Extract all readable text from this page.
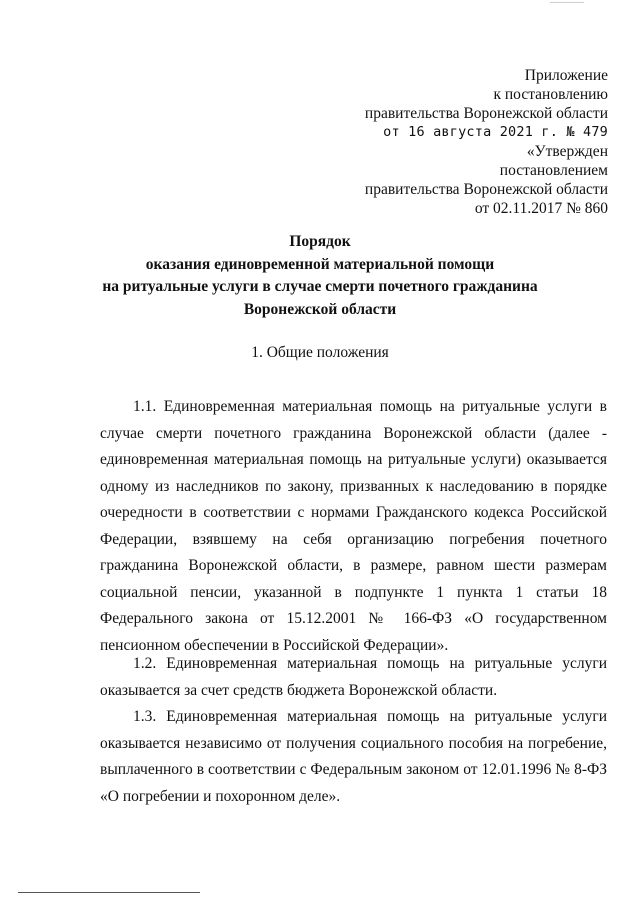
Приложение
к постановлению
правительства Воронежской области
от 16 августа 2021 г. № 479
«Утвержден
постановлением
правительства Воронежской области
от 02.11.2017 № 860
Порядок
оказания единовременной материальной помощи
на ритуальные услуги в случае смерти почетного гражданина
Воронежской области
1. Общие положения

1.1. Единовременная материальная помощь на ритуальные услуги в случае смерти почетного гражданина Воронежской области (далее - единовременная материальная помощь на ритуальные услуги) оказывается одному из наследников по закону, призванных к наследованию в порядке очередности в соответствии с нормами Гражданского кодекса Российской Федерации, взявшему на себя организацию погребения почетного гражданина Воронежской области, в размере, равном шести размерам социальной пенсии, указанной в подпункте 1 пункта 1 статьи 18 Федерального закона от 15.12.2001 № 166-ФЗ «О государственном пенсионном обеспечении в Российской Федерации».

1.2. Единовременная материальная помощь на ритуальные услуги оказывается за счет средств бюджета Воронежской области.

1.3. Единовременная материальная помощь на ритуальные услуги оказывается независимо от получения социального пособия на погребение, выплаченного в соответствии с Федеральным законом от 12.01.1996 № 8-ФЗ «О погребении и похоронном деле».
